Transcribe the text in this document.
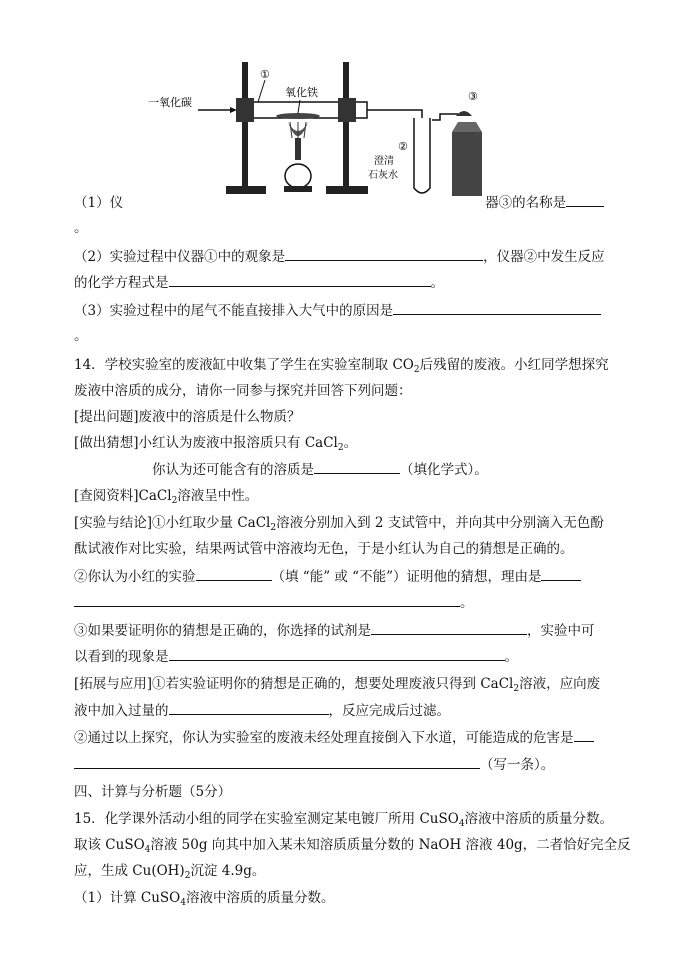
一氧化碳
①
氧化铁
②
澄清
石灰水
③
（1）仪	器③的名称是
。
（2）实验过程中仪器①中的观象是	，仪器②中发生反应
的化学方程式是	。
（3）实验过程中的尾气不能直接排入大气中的原因是
。
14．学校实验室的废液缸中收集了学生在实验室制取 $CO_2$后残留的废液。小红同学想探究
废液中溶质的成分，请你一同参与探究并回答下列问题：
[提出问题]废液中的溶质是什么物质？
[做出猜想]小红认为废液中报溶质只有 CaCl$_2$。
你认为还可能含有的溶质是	（填化学式）。
[查阅资料]CaCl$_2$溶液呈中性。
[实验与结论]①小红取少量 CaCl$_2$溶液分别加入到 2 支试管中，并向其中分别滴入无色酚
酞试液作对比实验，结果两试管中溶液均无色，于是小红认为自己的猜想是正确的。
②你认为小红的实验	（填 “能” 或 “不能”）证明他的猜想，理由是
。
③如果要证明你的猜想是正确的，你选择的试剂是	，实验中可
以看到的现象是	。
[拓展与应用]①若实验证明你的猜想是正确的，想要处理废液只得到 CaCl$_2$溶液，应向废
液中加入过量的	，反应完成后过滤。
②通过以上探究，你认为实验室的废液未经处理直接倒入下水道，可能造成的危害是
（写一条）。
四、计算与分析题（5分）
15．化学课外活动小组的同学在实验室测定某电镀厂所用 CuSO$_4$溶液中溶质的质量分数。
取该 CuSO$_4$溶液 50g 向其中加入某未知溶质质量分数的 NaOH 溶液 40g，二者恰好完全反
应，生成 $Cu(OH)_2$沉淀 4.9g。
（1）计算 CuSO$_4$溶液中溶质的质量分数。
